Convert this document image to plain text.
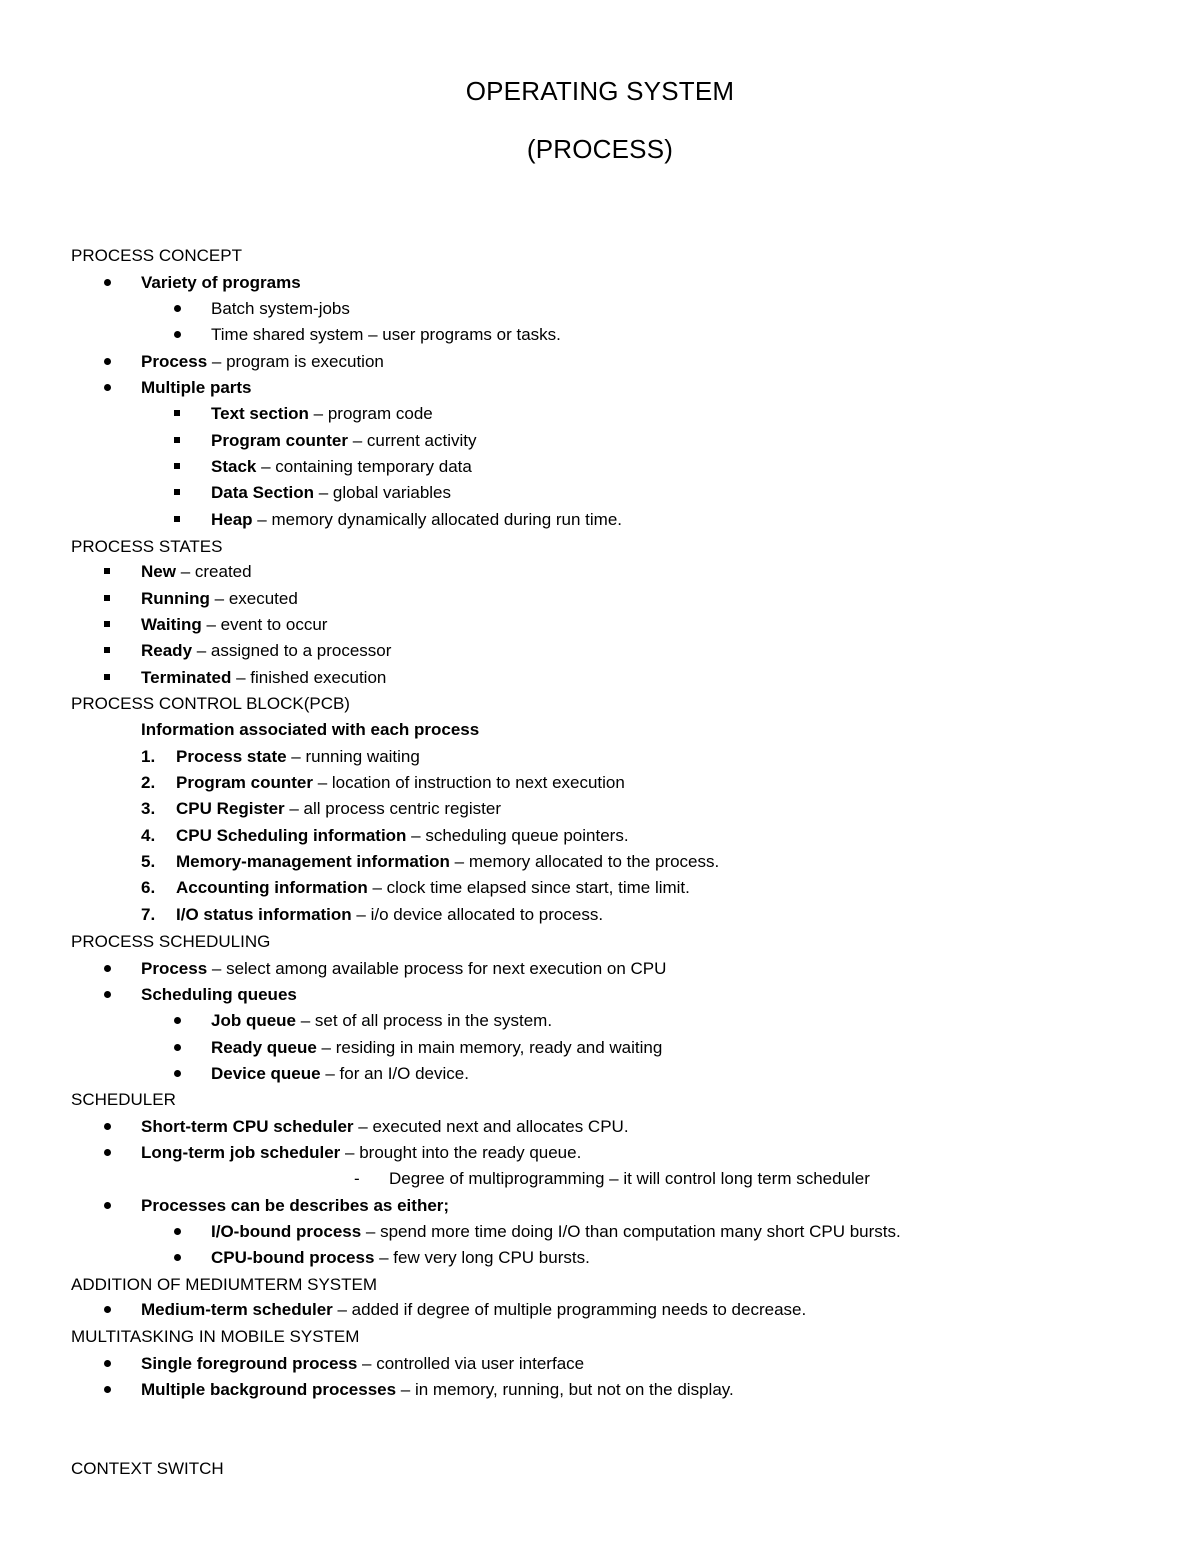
OPERATING SYSTEM
(PROCESS)
PROCESS CONCEPT
Variety of programs
Batch system-jobs
Time shared system – user programs or tasks.
Process – program is execution
Multiple parts
Text section – program code
Program counter – current activity
Stack – containing temporary data
Data Section – global variables
Heap – memory dynamically allocated during run time.
PROCESS STATES
New – created
Running – executed
Waiting – event to occur
Ready – assigned to a processor
Terminated – finished execution
PROCESS CONTROL BLOCK(PCB)
Information associated with each process
1.	Process state – running waiting
2.	Program counter – location of instruction to next execution
3.	CPU Register – all process centric register
4.	CPU Scheduling information – scheduling queue pointers.
5.	Memory-management information – memory allocated to the process.
6.	Accounting information – clock time elapsed since start, time limit.
7.	I/O status information – i/o device allocated to process.
PROCESS SCHEDULING
Process – select among available process for next execution on CPU
Scheduling queues
Job queue – set of all process in the system.
Ready queue – residing in main memory, ready and waiting
Device queue – for an I/O device.
SCHEDULER
Short-term CPU scheduler – executed next and allocates CPU.
Long-term job scheduler – brought into the ready queue.
-	Degree of multiprogramming – it will control long term scheduler
Processes can be describes as either;
I/O-bound process – spend more time doing I/O than computation many short CPU bursts.
CPU-bound process – few very long CPU bursts.
ADDITION OF MEDIUMTERM SYSTEM
Medium-term scheduler – added if degree of multiple programming needs to decrease.
MULTITASKING IN MOBILE SYSTEM
Single foreground process – controlled via user interface
Multiple background processes – in memory, running, but not on the display.
CONTEXT SWITCH
